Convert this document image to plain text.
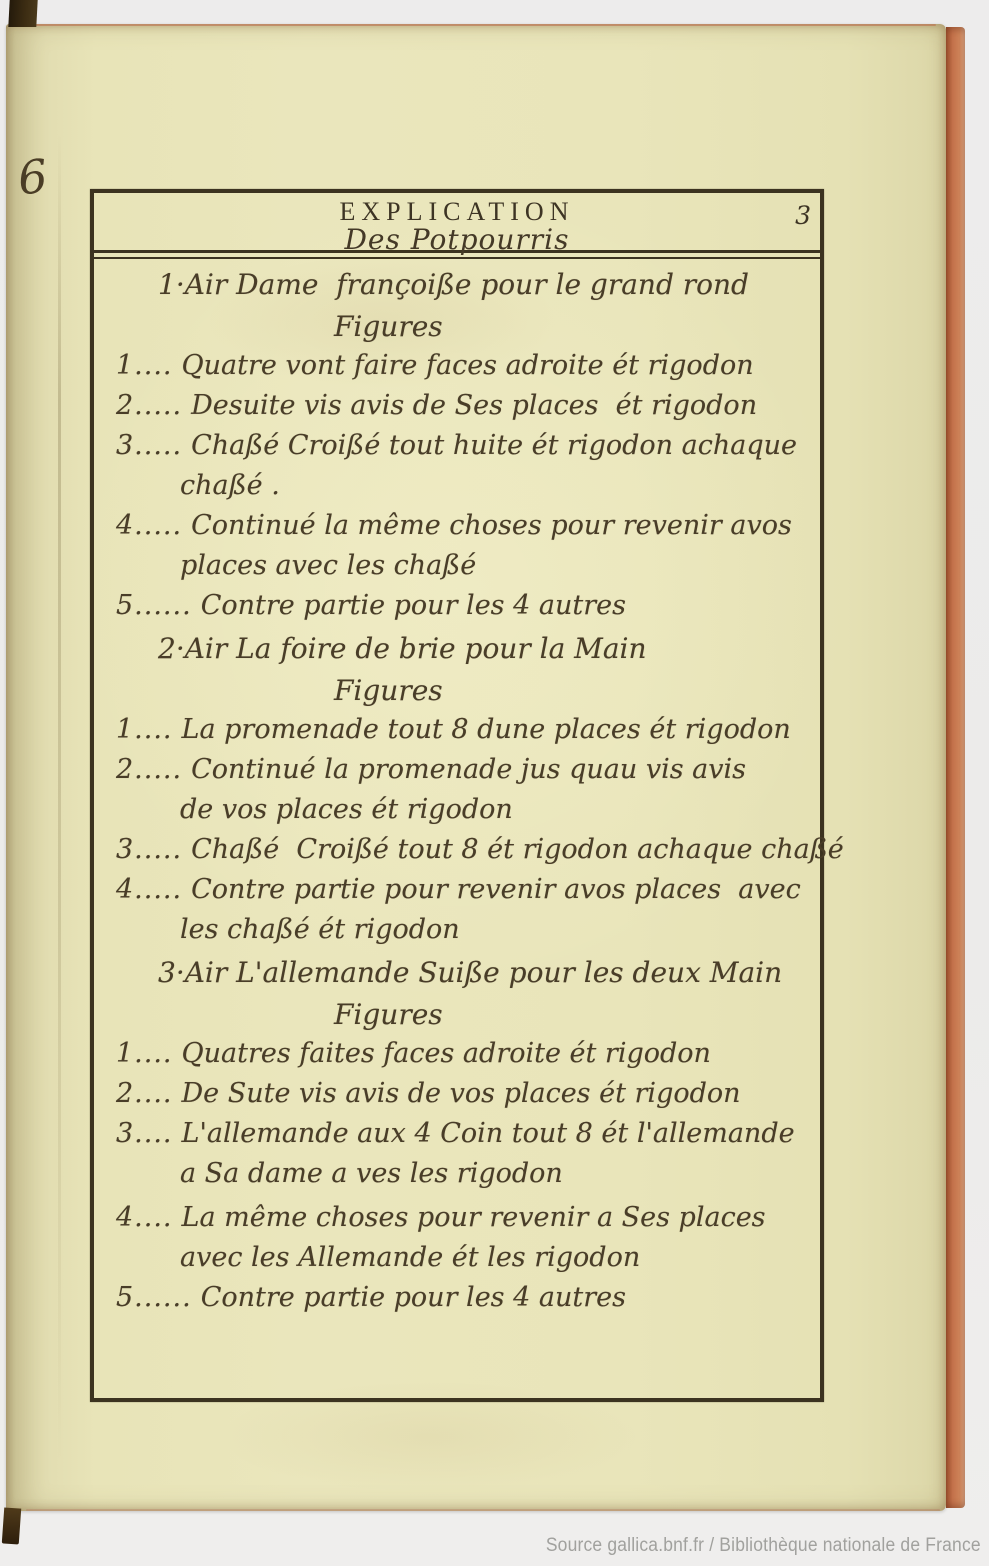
6
EXPLICATION
Des Potpourris
3
1·Air Dame  françoiße pour le grand rond
Figures
1.... Quatre vont faire faces adroite ét rigodon
2..... Desuite vis avis de Ses places  ét rigodon
3..... Chaßé Croißé tout huite ét rigodon achaque
chaßé .
4..... Continué la même choses pour revenir avos
places avec les chaßé
5...... Contre partie pour les 4 autres
2·Air La foire de brie pour la Main
Figures
1.... La promenade tout 8 dune places ét rigodon
2..... Continué la promenade jus quau vis avis
de vos places ét rigodon
3..... Chaßé  Croißé tout 8 ét rigodon achaque chaßé
4..... Contre partie pour revenir avos places  avec
les chaßé ét rigodon
3·Air L'allemande Suiße pour les deux Main
Figures
1.... Quatres faites faces adroite ét rigodon
2.... De Sute vis avis de vos places ét rigodon
3.... L'allemande aux 4 Coin tout 8 ét l'allemande
a Sa dame a ves les rigodon
4.... La même choses pour revenir a Ses places
avec les Allemande ét les rigodon
5...... Contre partie pour les 4 autres
Source gallica.bnf.fr / Bibliothèque nationale de France
